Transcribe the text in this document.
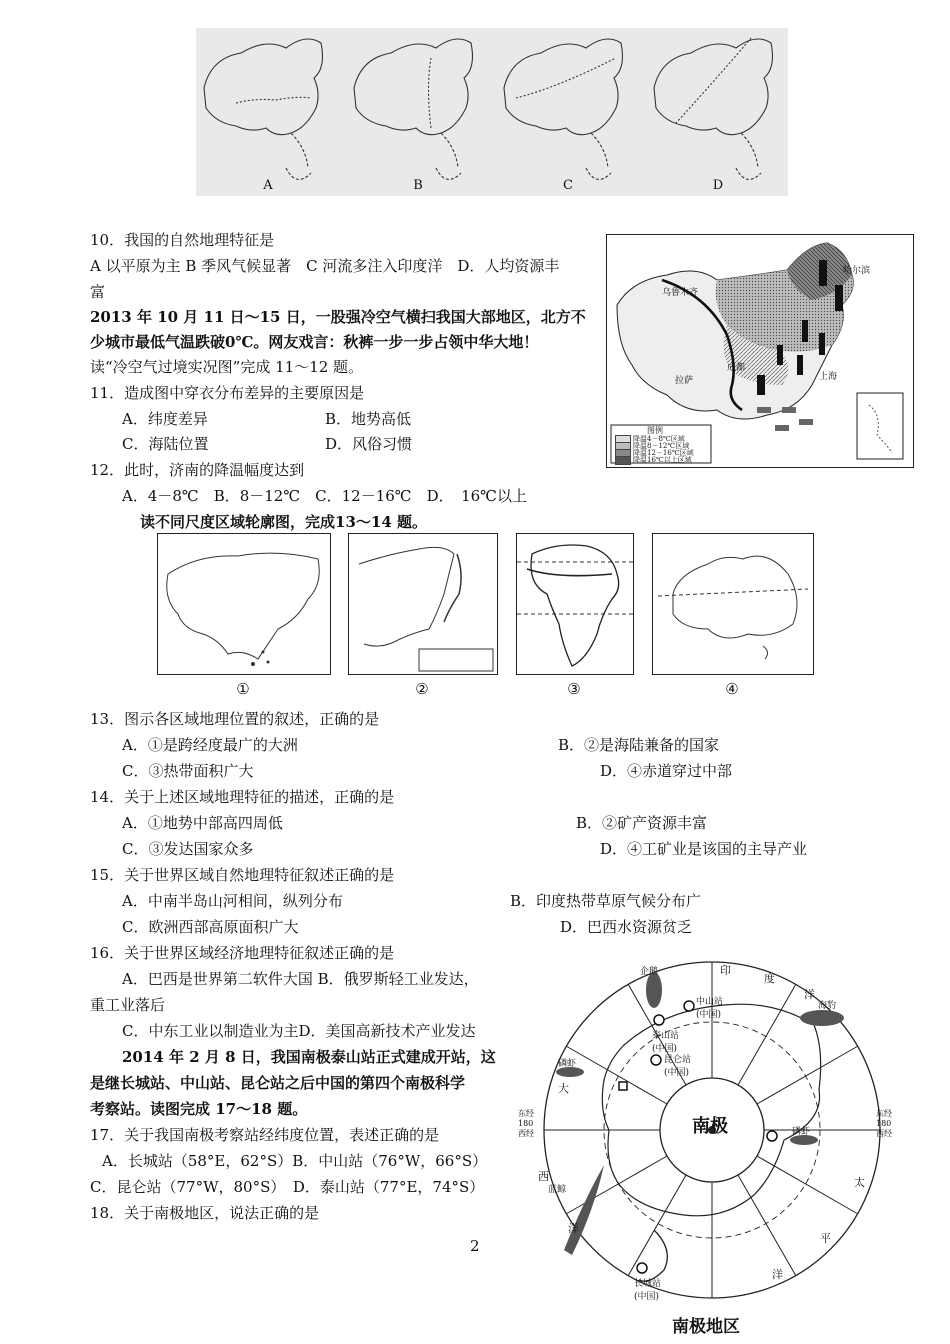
A	B	C	D
10．我国的自然地理特征是
A 以平原为主 B 季风气候显著　C 河流多注入印度洋　D．人均资源丰
富
2013 年 10 月 11 日～15 日，一股强冷空气横扫我国大部地区，北方不
少城市最低气温跌破0℃。网友戏言：秋裤一步一步占领中华大地！
读“冷空气过境实况图”完成 11～12 题。
11．造成图中穿衣分布差异的主要原因是
A．纬度差异	B．地势高低
C．海陆位置	D．风俗习惯
12．此时，济南的降温幅度达到
A．4－8℃　B．8－12℃　C．12－16℃　D．　16℃以上
乌鲁木齐
拉萨
成都
上海
哈尔滨
图例
降温4－8℃区域
降温8－12℃区域
降温12－16℃区域
降温16℃以上区域
读不同尺度区域轮廓图，完成13～14 题。
①	②	③	④
13．图示各区域地理位置的叙述，正确的是
A．①是跨经度最广的大洲	B．②是海陆兼备的国家
C．③热带面积广大	D．④赤道穿过中部
14．关于上述区域地理特征的描述，正确的是
A．①地势中部高四周低	B．②矿产资源丰富
C．③发达国家众多	D．④工矿业是该国的主导产业
15．关于世界区域自然地理特征叙述正确的是
A．中南半岛山河相间，纵列分布	B．印度热带草原气候分布广
C．欧洲西部高原面积广大	D．巴西水资源贫乏
16．关于世界区域经济地理特征叙述正确的是
A．巴西是世界第二软件大国 B．俄罗斯轻工业发达，
重工业落后
C．中东工业以制造业为主D．美国高新技术产业发达
2014 年 2 月 8 日，我国南极泰山站正式建成开站，这
是继长城站、中山站、昆仑站之后中国的第四个南极科学
考察站。读图完成 17～18 题。
17．关于我国南极考察站经纬度位置，表述正确的是
A．长城站（58°E，62°S）B．中山站（76°W，66°S）
C．昆仑站（77°W，80°S）　D．泰山站（77°E，74°S）
18．关于南极地区，说法正确的是
2
南极
南极地区
印
度
洋
太
平
洋
大
西
洋
中山站
(中国)
泰山站
(中国)
昆仑站
(中国)
长城站
(中国)
企鹅
海豹
磷虾
蓝鲸
磷虾
东经
180
西经
东经
180
西经
